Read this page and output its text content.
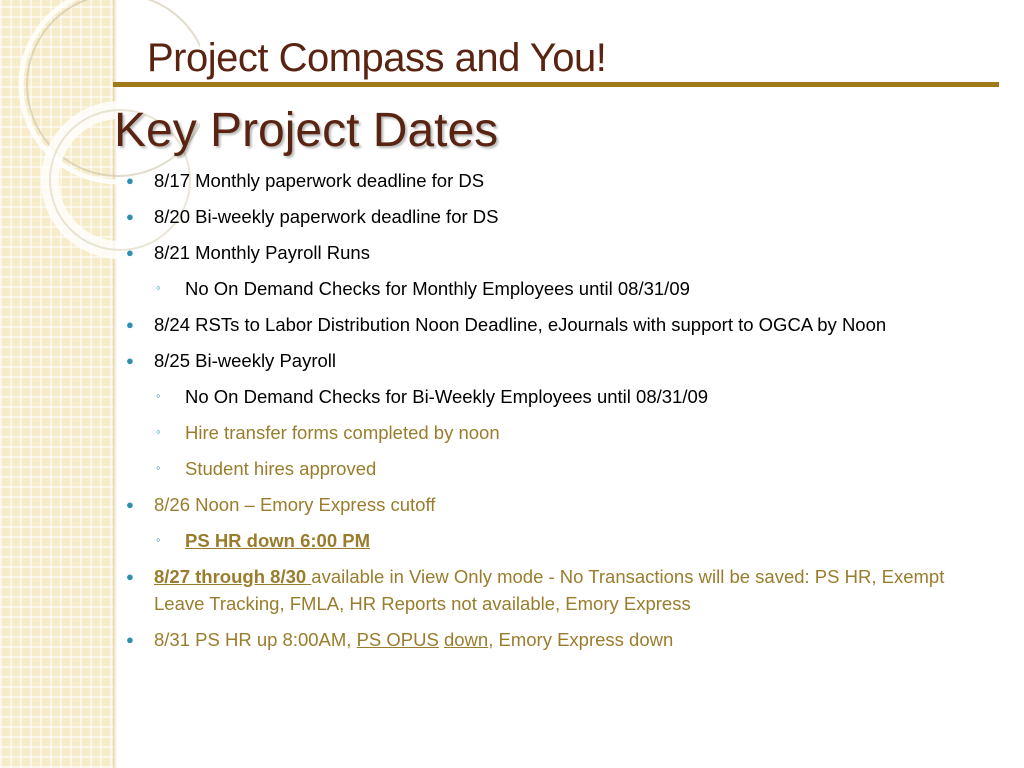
Project Compass and You!
Key Project Dates
● 8/17 Monthly paperwork deadline for DS
● 8/20 Bi-weekly paperwork deadline for DS
● 8/21 Monthly Payroll Runs
◦ No On Demand Checks for Monthly Employees until 08/31/09
● 8/24 RSTs to Labor Distribution Noon Deadline, eJournals with support to OGCA by Noon
● 8/25 Bi-weekly Payroll
◦ No On Demand Checks for Bi-Weekly Employees until 08/31/09
◦ Hire transfer forms completed by noon
◦ Student hires approved
● 8/26 Noon – Emory Express cutoff
◦ PS HR down 6:00 PM
● 8/27 through 8/30 available in View Only mode - No Transactions will be saved: PS HR, Exempt Leave Tracking, FMLA, HR Reports not available, Emory Express
● 8/31 PS HR up 8:00AM, PS OPUS down, Emory Express down
